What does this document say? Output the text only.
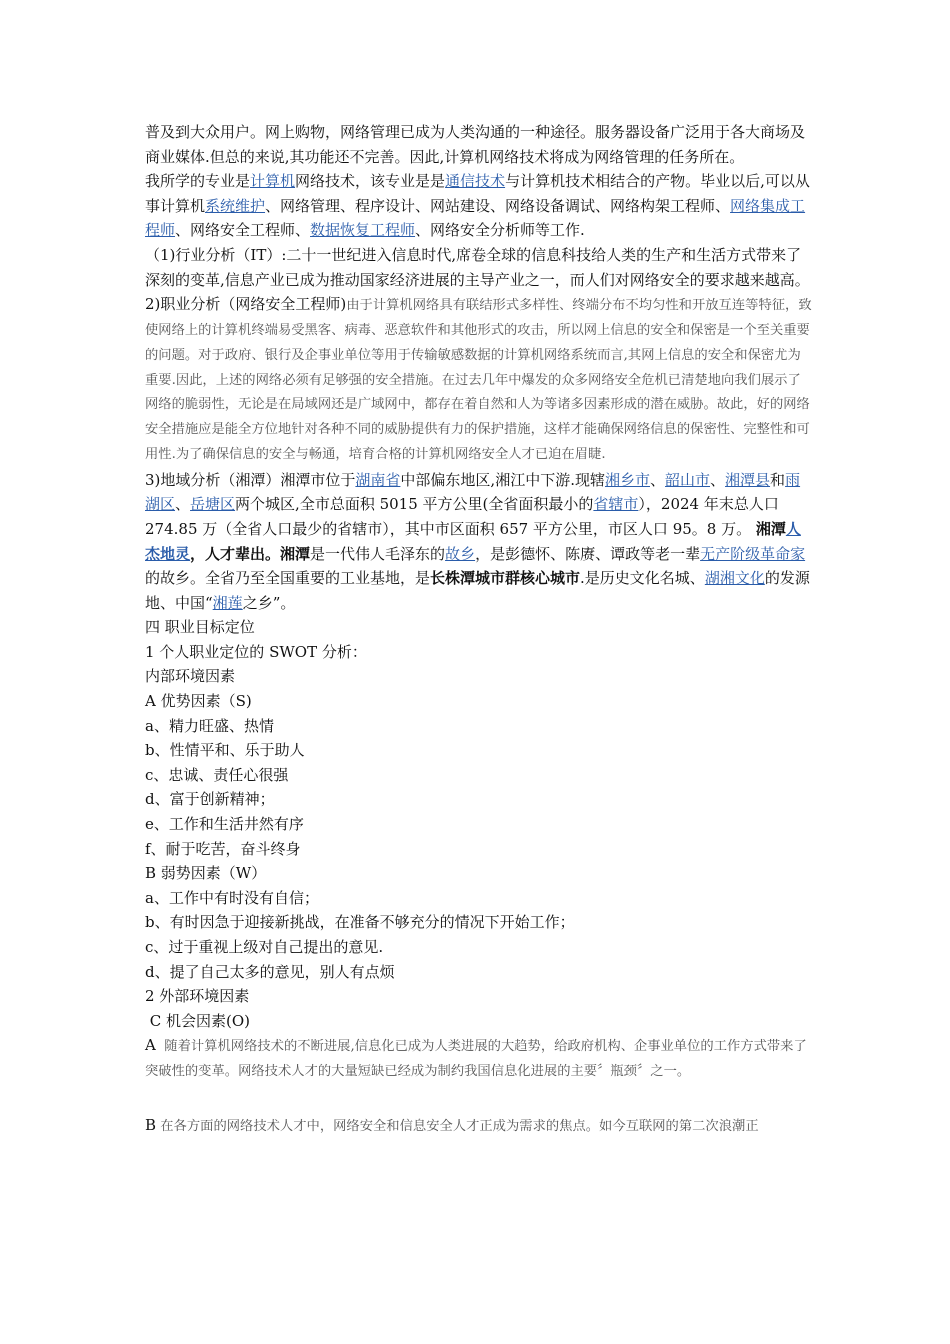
普及到大众用户。网上购物，网络管理已成为人类沟通的一种途径。服务器设备广泛用于各大商场及商业媒体.但总的来说,其功能还不完善。因此,计算机网络技术将成为网络管理的任务所在。

我所学的专业是计算机网络技术，该专业是是通信技术与计算机技术相结合的产物。毕业以后,可以从事计算机系统维护、网络管理、程序设计、网站建设、网络设备调试、网络构架工程师、网络集成工程师、网络安全工程师、数据恢复工程师、网络安全分析师等工作.

（1)行业分析（IT）:二十一世纪进入信息时代,席卷全球的信息科技给人类的生产和生活方式带来了深刻的变革,信息产业已成为推动国家经济进展的主导产业之一，而人们对网络安全的要求越来越高。

2)职业分析（网络安全工程师)由于计算机网络具有联结形式多样性、终端分布不均匀性和开放互连等特征，致使网络上的计算机终端易受黑客、病毒、恶意软件和其他形式的攻击，所以网上信息的安全和保密是一个至关重要的问题。对于政府、银行及企事业单位等用于传输敏感数据的计算机网络系统而言,其网上信息的安全和保密尤为重要.因此，上述的网络必须有足够强的安全措施。在过去几年中爆发的众多网络安全危机已清楚地向我们展示了网络的脆弱性，无论是在局域网还是广域网中，都存在着自然和人为等诸多因素形成的潜在威胁。故此，好的网络安全措施应是能全方位地针对各种不同的威胁提供有力的保护措施，这样才能确保网络信息的保密性、完整性和可用性.为了确保信息的安全与畅通，培育合格的计算机网络安全人才已迫在眉睫.

3)地域分析（湘潭）湘潭市位于湖南省中部偏东地区,湘江中下游.现辖湘乡市、韶山市、湘潭县和雨湖区、岳塘区两个城区,全市总面积 5015 平方公里(全省面积最小的省辖市），2024 年末总人口 274.85 万（全省人口最少的省辖市），其中市区面积 657 平方公里，市区人口 95。8 万。 湘潭人杰地灵，人才辈出。湘潭是一代伟人毛泽东的故乡，是彭德怀、陈赓、谭政等老一辈无产阶级革命家的故乡。全省乃至全国重要的工业基地，是长株潭城市群核心城市.是历史文化名城、湖湘文化的发源地、中国“湘莲之乡”。

四 职业目标定位

1 个人职业定位的 SWOT 分析：

内部环境因素

A 优势因素（S)

a、精力旺盛、热情

b、性情平和、乐于助人

c、忠诚、责任心很强

d、富于创新精神；

e、工作和生活井然有序

f、耐于吃苦，奋斗终身

B 弱势因素（W）

a、工作中有时没有自信；

b、有时因急于迎接新挑战，在准备不够充分的情况下开始工作；

c、过于重视上级对自己提出的意见.

d、提了自己太多的意见，别人有点烦

2 外部环境因素

C 机会因素(O)

A  随着计算机网络技术的不断进展,信息化已成为人类进展的大趋势，给政府机构、企事业单位的工作方式带来了突破性的变革。网络技术人才的大量短缺已经成为制约我国信息化进展的主要〞瓶颈〞之一。

B 在各方面的网络技术人才中，网络安全和信息安全人才正成为需求的焦点。如今互联网的第二次浪潮正
